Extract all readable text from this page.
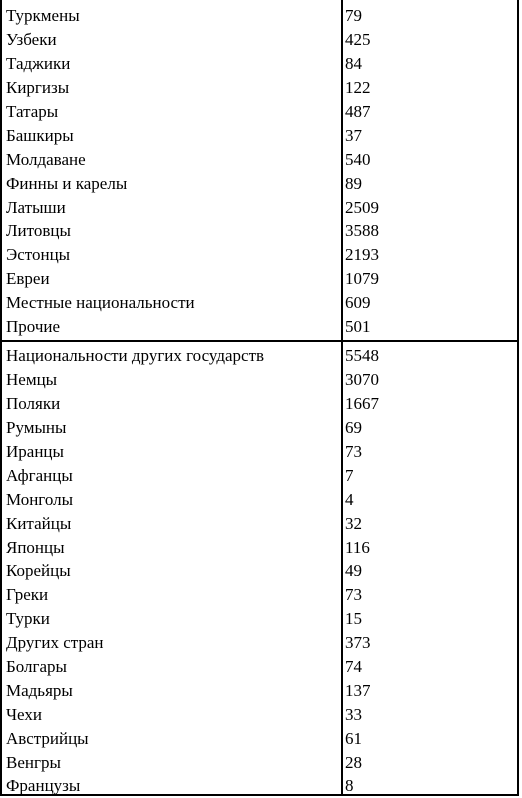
Туркмены	79
Узбеки	425
Таджики	84
Киргизы	122
Татары	487
Башкиры	37
Молдаване	540
Финны и карелы	89
Латыши	2509
Литовцы	3588
Эстонцы	2193
Евреи	1079
Местные национальности	609
Прочие	501
Национальности других государств	5548
Немцы	3070
Поляки	1667
Румыны	69
Иранцы	73
Афганцы	7
Монголы	4
Китайцы	32
Японцы	116
Корейцы	49
Греки	73
Турки	15
Других стран	373
Болгары	74
Мадьяры	137
Чехи	33
Австрийцы	61
Венгры	28
Французы	8
